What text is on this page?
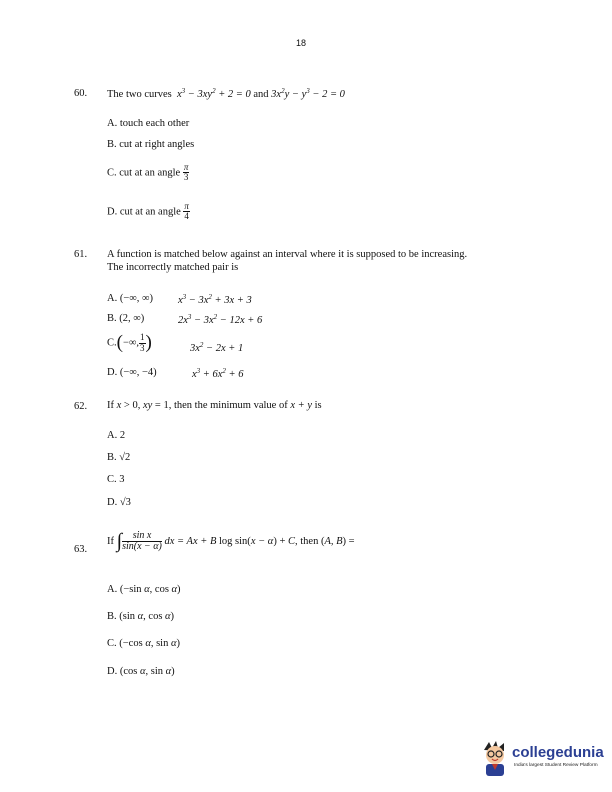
18
60. The two curves  $x^3 - 3xy^2 + 2 = 0$ and $3x^2y - y^3 - 2 = 0$
A. touch each other
B. cut at right angles
C. cut at an angle $\frac{\pi}{3}$
D. cut at an angle $\frac{\pi}{4}$
61. A function is matched below against an interval where it is supposed to be increasing.
The incorrectly matched pair is
A. (−∞, ∞) $x^3 - 3x^2 + 3x + 3$
B. (2, ∞)	$2x^3 - 3x^2 - 12x + 6$
C.(−∞, $\frac{1}{3}$ )	$3x^2 - 2x + 1$
D. (−∞, −4)	$x^3 + 6x^2 + 6$
62. If x > 0, xy = 1, then the minimum value of x + y is
A. 2
B. √2
C. 3
D. √3
63.
If ∫ $\frac{\text{sin x}}{\sin(x - \alpha)}$ dx = Ax + B log sin(x − α) + C, then (A, B) =
A. (−sin α, cos α)
B. (sin α, cos α)
C. (−cos α, sin α)
D. (cos α, sin α)
collegedunia
India's largest Student Review Platform
